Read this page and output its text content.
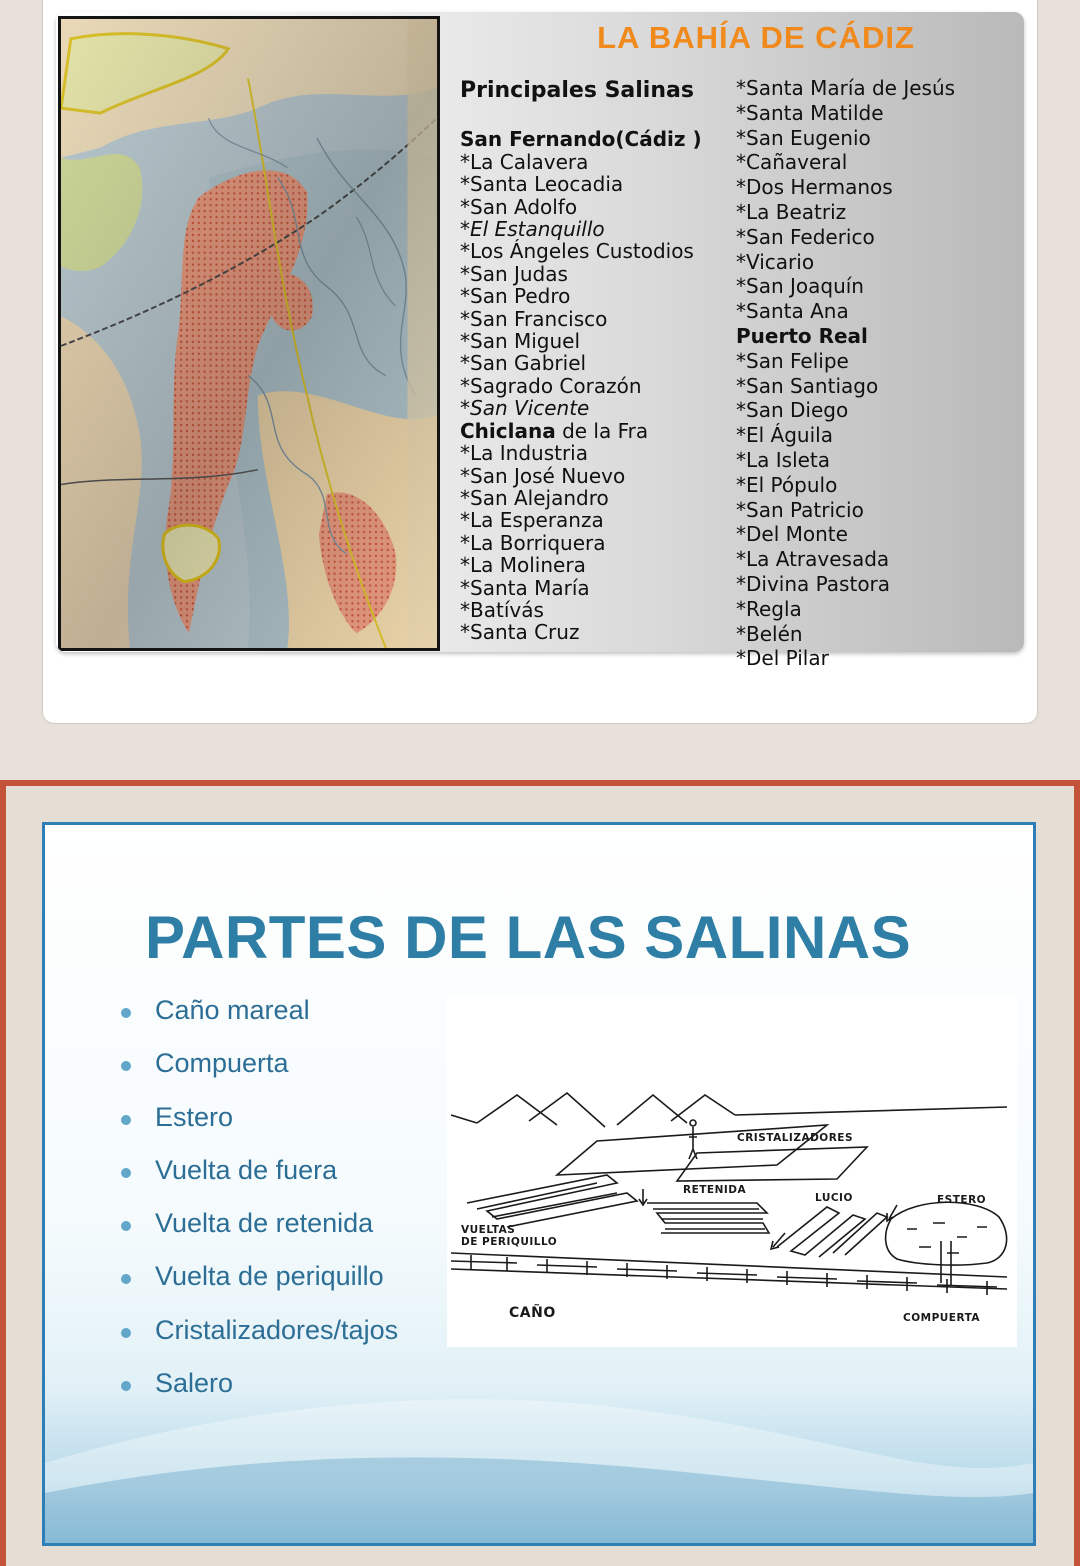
LA BAHÍA DE CÁDIZ
Principales Salinas
San Fernando(Cádiz )
*La Calavera
*Santa Leocadia
*San Adolfo
*El Estanquillo
*Los Ángeles Custodios
*San Judas
*San Pedro
*San Francisco
*San Miguel
*San Gabriel
*Sagrado Corazón
*San Vicente
Chiclana de la Fra
*La Industria
*San José Nuevo
*San Alejandro
*La Esperanza
*La Borriquera
*La Molinera
*Santa María
*Batívás
*Santa Cruz
*Santa María de Jesús
*Santa Matilde
*San Eugenio
*Cañaveral
*Dos Hermanos
*La Beatriz
*San Federico
*Vicario
*San Joaquín
*Santa Ana
Puerto Real
*San Felipe
*San Santiago
*San Diego
*El Águila
*La Isleta
*El Pópulo
*San Patricio
*Del Monte
*La Atravesada
*Divina Pastora
*Regla
*Belén
*Del Pilar
PARTES DE LAS SALINAS
Caño mareal
Compuerta
Estero
Vuelta de fuera
Vuelta de retenida
Vuelta de periquillo
Cristalizadores/tajos
Salero
CRISTALIZADORES
RETENIDA
LUCIO	ESTERO
VUELTAS
DE PERIQUILLO
CAÑO	COMPUERTA
